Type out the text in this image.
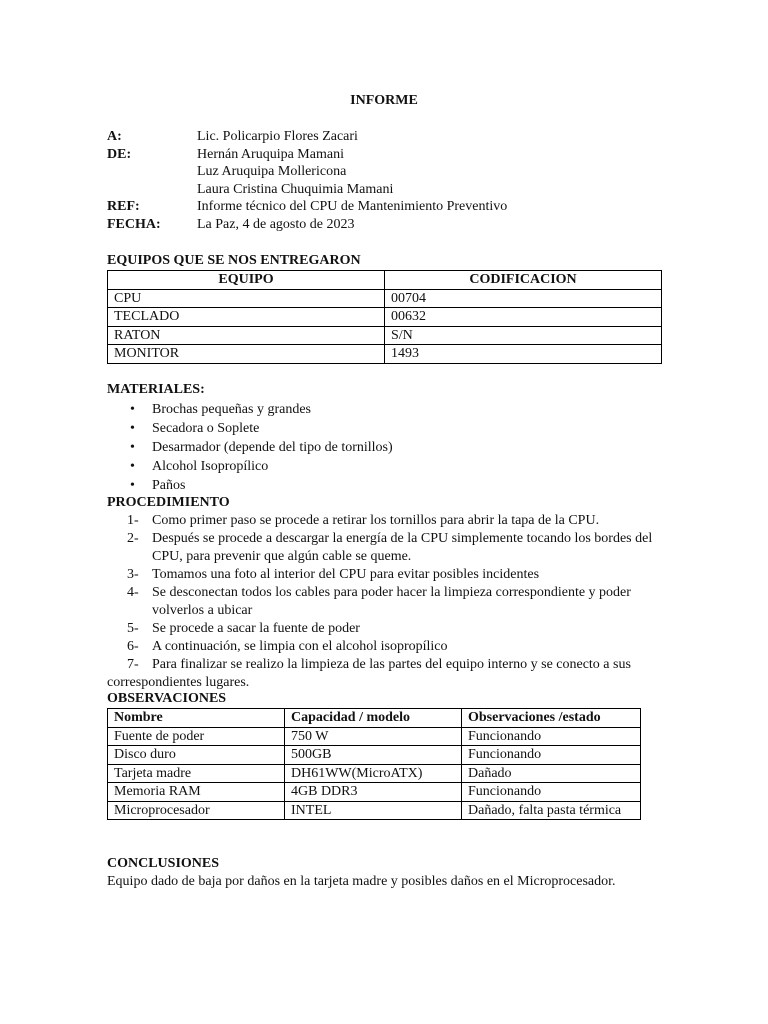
INFORME
A:	Lic. Policarpio Flores Zacari
DE:	Hernán Aruquipa Mamani
Luz Aruquipa Mollericona
Laura Cristina Chuquimia Mamani
REF:	Informe técnico del CPU de Mantenimiento Preventivo
FECHA:	La Paz, 4 de agosto de 2023
EQUIPOS QUE SE NOS ENTREGARON
EQUIPO	CODIFICACION
CPU	00704
TECLADO	00632
RATON	S/N
MONITOR	1493
MATERIALES:
• Brochas pequeñas y grandes
• Secadora o Soplete
• Desarmador (depende del tipo de tornillos)
• Alcohol Isopropílico
• Paños
PROCEDIMIENTO
1- Como primer paso se procede a retirar los tornillos para abrir la tapa de la CPU.
2- Después se procede a descargar la energía de la CPU simplemente tocando los bordes del CPU, para prevenir que algún cable se queme.
3- Tomamos una foto al interior del CPU para evitar posibles incidentes
4- Se desconectan todos los cables para poder hacer la limpieza correspondiente y poder volverlos a ubicar
5- Se procede a sacar la fuente de poder
6- A continuación, se limpia con el alcohol isopropílico
7- Para finalizar se realizo la limpieza de las partes del equipo interno y se conecto a sus correspondientes lugares.
OBSERVACIONES
Nombre	Capacidad / modelo	Observaciones /estado
Fuente de poder	750 W	Funcionando
Disco duro	500GB	Funcionando
Tarjeta madre	DH61WW(MicroATX)	Dañado
Memoria RAM	4GB DDR3	Funcionando
Microprocesador	INTEL	Dañado, falta pasta térmica
CONCLUSIONES
Equipo dado de baja por daños en la tarjeta madre y posibles daños en el Microprocesador.
